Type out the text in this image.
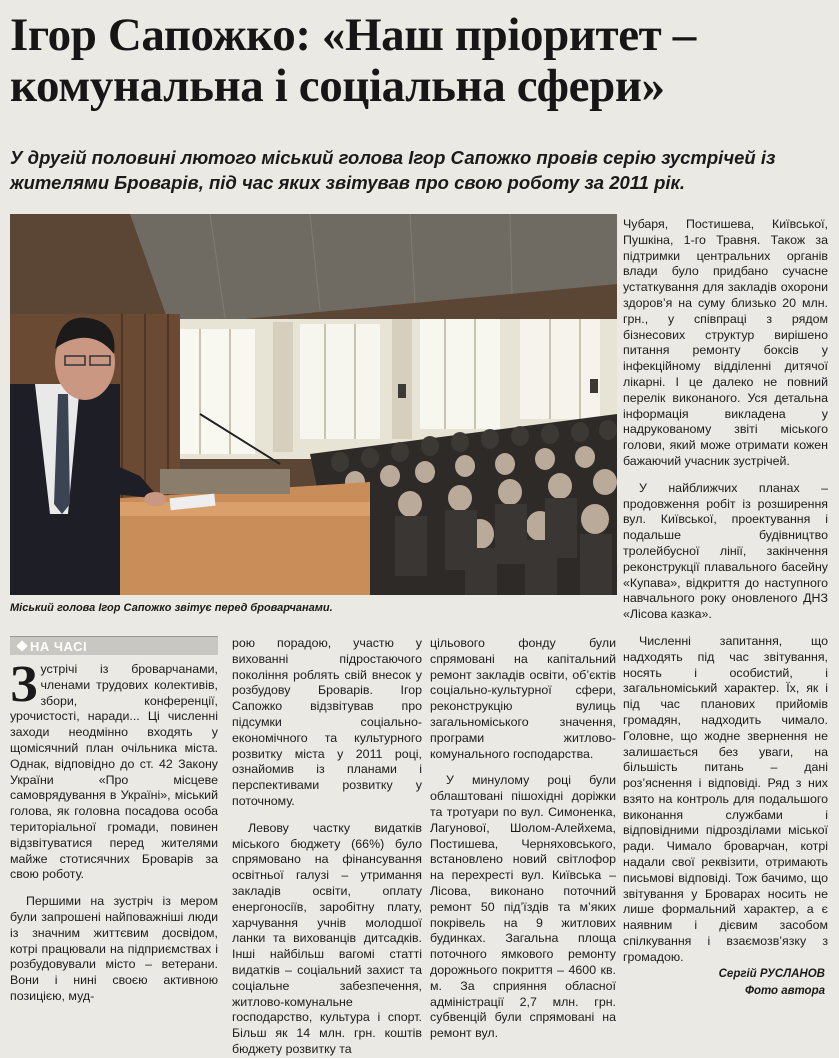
Ігор Сапожко: «Наш пріоритет –
комунальна і соціальна сфери»

У другій половині лютого міський голова Ігор Сапожко провів серію зустрічей із жителями Броварів, під час яких звітував про свою роботу за 2011 рік.

Міський голова Ігор Сапожко звітує перед броварчанами.
НА ЧАСІ

Зустрічі із броварчанами, членами трудових колективів, збори, конференції, урочистості, наради... Ці численні заходи неодмінно входять у щомісячний план очільника міста. Однак, відповідно до ст. 42 Закону України «Про місцеве самоврядування в Україні», міський голова, як головна посадова особа територіальної громади, повинен відзвітуватися перед жителями майже стотисячних Броварів за свою роботу.

Першими на зустріч із мером були запрошені найповажніші люди із значним життєвим досвідом, котрі працювали на підприємствах і розбудовували місто – ветерани. Вони і нині своєю активною позицією, муд-

рою порадою, участю у вихованні підростаючого покоління роблять свій внесок у розбудову Броварів. Ігор Сапожко відзвітував про підсумки соціально-економічного та культурного розвитку міста у 2011 році, ознайомив із планами і перспективами розвитку у поточному.

Левову частку видатків міського бюджету (66%) було спрямовано на фінансування освітньої галузі – утримання закладів освіти, оплату енергоносіїв, заробітну плату, харчування учнів молодшої ланки та вихованців дитсадків. Інші найбільш вагомі статті видатків – соціальний захист та соціальне забезпечення, житлово-комунальне господарство, культура і спорт. Більш як 14 млн. грн. коштів бюджету розвитку та

цільового фонду були спрямовані на капітальний ремонт закладів освіти, об’єктів соціально-культурної сфери, реконструкцію вулиць загальноміського значення, програми житлово-комунального господарства.

У минулому році були облаштовані пішохідні доріжки та тротуари по вул. Симоненка, Лагунової, Шолом-Алейхема, Постишева, Черняховського, встановлено новий світлофор на перехресті вул. Київська – Лісова, виконано поточний ремонт 50 під’їздів та м’яких покрівель на 9 житлових будинках. Загальна площа поточного ямкового ремонту дорожнього покриття – 4600 кв. м. За сприяння обласної адміністрації 2,7 млн. грн. субвенцій були спрямовані на ремонт вул.

Чубаря, Постишева, Київської, Пушкіна, 1-го Травня. Також за підтримки центральних органів влади було придбано сучасне устаткування для закладів охорони здоров’я на суму близько 20 млн. грн., у співпраці з рядом бізнесових структур вирішено питання ремонту боксів у інфекційному відділенні дитячої лікарні. І це далеко не повний перелік виконаного. Уся детальна інформація викладена у надрукованому звіті міського голови, який може отримати кожен бажаючий учасник зустрічей.

У найближчих планах – продовження робіт із розширення вул. Київської, проектування і подальше будівництво тролейбусної лінії, закінчення реконструкції плавального басейну «Купава», відкриття до наступного навчального року оновленого ДНЗ «Лісова казка».

Численні запитання, що надходять під час звітування, носять і особистий, і загальноміський характер. Їх, як і під час планових прийомів громадян, надходить чимало. Головне, що жодне звернення не залишається без уваги, на більшість питань – дані роз’яснення і відповіді. Ряд з них взято на контроль для подальшого виконання службами і відповідними підрозділами міської ради. Чимало броварчан, котрі надали свої реквізити, отримають письмові відповіді. Тож бачимо, що звітування у Броварах носить не лише формальний характер, а є наявним і дієвим засобом спілкування і взаємозв’язку з громадою.

Сергій РУСЛАНОВ
Фото автора
